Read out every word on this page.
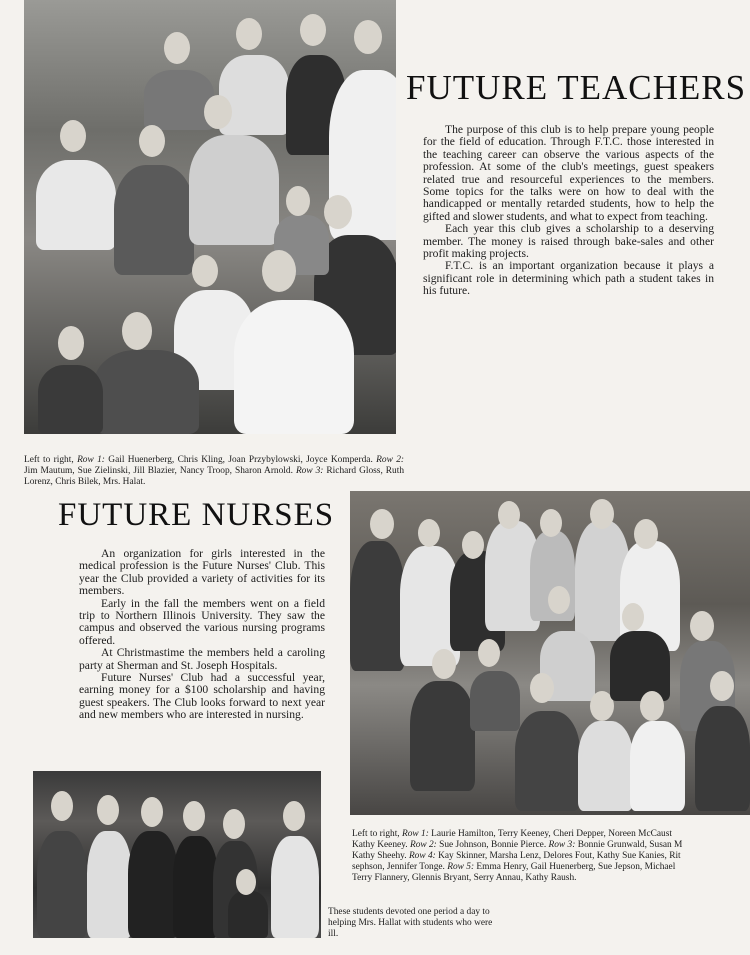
FUTURE TEACHERS

The purpose of this club is to help prepare young people for the field of education. Through F.T.C. those interested in the teaching career can observe the various aspects of the profession. At some of the club's meetings, guest speakers related true and resourceful experiences to the members. Some topics for the talks were on how to deal with the handicapped or mentally retarded students, how to help the gifted and slower students, and what to expect from teaching.

Each year this club gives a scholarship to a deserving member. The money is raised through bake-sales and other profit making projects.

F.T.C. is an important organization because it plays a significant role in determining which path a student takes in his future.

Left to right, Row 1: Gail Huenerberg, Chris Kling, Joan Przybylowski, Joyce Komperda. Row 2: Jim Mautum, Sue Zielinski, Jill Blazier, Nancy Troop, Sharon Arnold. Row 3: Richard Gloss, Ruth Lorenz, Chris Bilek, Mrs. Halat.
FUTURE NURSES

An organization for girls interested in the medical profession is the Future Nurses' Club. This year the Club provided a variety of activities for its members.

Early in the fall the members went on a field trip to Northern Illinois University. They saw the campus and observed the various nursing programs offered.

At Christmastime the members held a caroling party at Sherman and St. Joseph Hospitals.

Future Nurses' Club had a successful year, earning money for a $100 scholarship and having guest speakers. The Club looks forward to next year and new members who are interested in nursing.

Left to right, Row 1: Laurie Hamilton, Terry Keeney, Cheri Depper, Noreen McCaust
Kathy Keeney. Row 2: Sue Johnson, Bonnie Pierce. Row 3: Bonnie Grunwald, Susan M
Kathy Sheehy. Row 4: Kay Skinner, Marsha Lenz, Delores Fout, Kathy Sue Kanies, Rit
sephson, Jennifer Tonge. Row 5: Emma Henry, Gail Huenerberg, Sue Jepson, Michael
Terry Flannery, Glennis Bryant, Serry Annau, Kathy Raush.
These students devoted one period a day to helping Mrs. Hallat with students who were ill.
